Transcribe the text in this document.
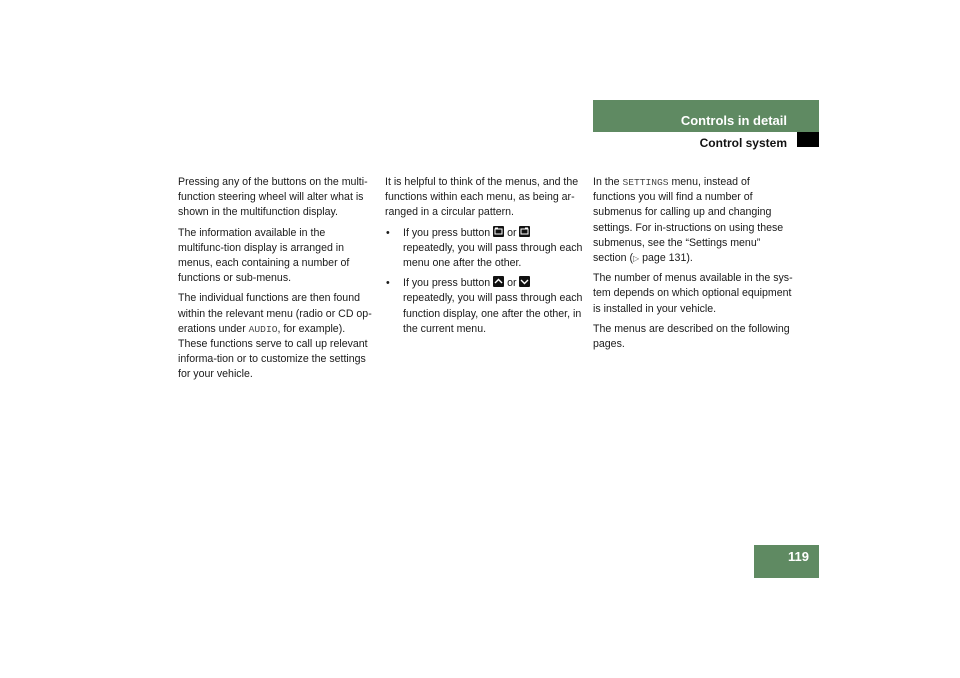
Controls in detail
Control system

Pressing any of the buttons on the multi-function steering wheel will alter what is shown in the multifunction display.

The information available in the multifunc-tion display is arranged in menus, each containing a number of functions or sub-menus.

The individual functions are then found within the relevant menu (radio or CD op-erations under AUDIO, for example). These functions serve to call up relevant informa-tion or to customize the settings for your vehicle.

It is helpful to think of the menus, and the functions within each menu, as being ar-ranged in a circular pattern.

• If you press button or  repeatedly, you will pass through each menu one after the other.
• If you press button or  repeatedly, you will pass through each function display, one after the other, in the current menu.

In the SETTINGS menu, instead of functions you will find a number of submenus for calling up and changing settings. For in-structions on using these submenus, see the “Settings menu” section (▷ page 131).

The number of menus available in the sys-tem depends on which optional equipment is installed in your vehicle.

The menus are described on the following pages.

119
